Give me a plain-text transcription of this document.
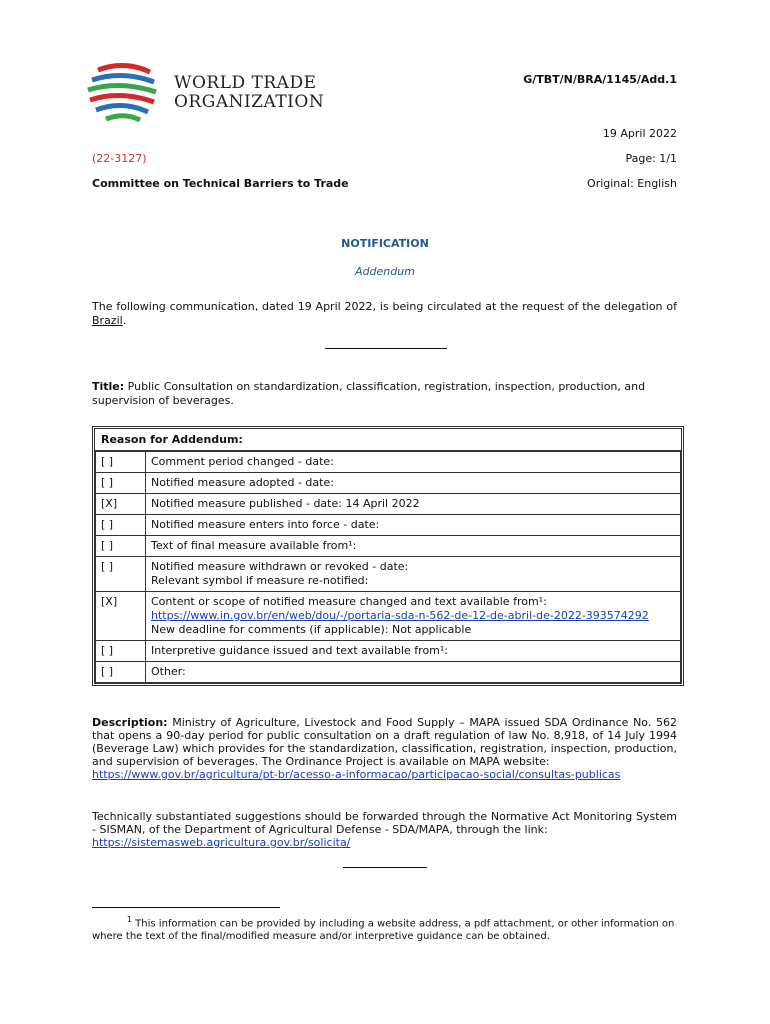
WORLD TRADE
ORGANIZATION
G/TBT/N/BRA/1145/Add.1
19 April 2022
(22-3127)	Page: 1/1
Committee on Technical Barriers to Trade	Original: English
NOTIFICATION
Addendum
The following communication, dated 19 April 2022, is being circulated at the request of the delegation of Brazil.
Title: Public Consultation on standardization, classification, registration, inspection, production, and supervision of beverages.
Reason for Addendum:
[ ]	Comment period changed - date:
[ ]	Notified measure adopted - date:
[X]	Notified measure published - date: 14 April 2022
[ ]	Notified measure enters into force - date:
[ ]	Text of final measure available from¹:
[ ]	Notified measure withdrawn or revoked - date:
Relevant symbol if measure re-notified:

[X]	Content or scope of notified measure changed and text available from¹:
https://www.in.gov.br/en/web/dou/-/portaria-sda-n-562-de-12-de-abril-de-2022-393574292
New deadline for comments (if applicable): Not applicable

[ ]	Interpretive guidance issued and text available from¹:
[ ]	Other:
Description: Ministry of Agriculture, Livestock and Food Supply – MAPA issued SDA Ordinance No. 562 that opens a 90-day period for public consultation on a draft regulation of law No. 8,918, of 14 July 1994 (Beverage Law) which provides for the standardization, classification, registration, inspection, production, and supervision of beverages. The Ordinance Project is available on MAPA website:
https://www.gov.br/agricultura/pt-br/acesso-a-informacao/participacao-social/consultas-publicas
Technically substantiated suggestions should be forwarded through the Normative Act Monitoring System - SISMAN, of the Department of Agricultural Defense - SDA/MAPA, through the link:
https://sistemasweb.agricultura.gov.br/solicita/
1 This information can be provided by including a website address, a pdf attachment, or other information on where the text of the final/modified measure and/or interpretive guidance can be obtained.
